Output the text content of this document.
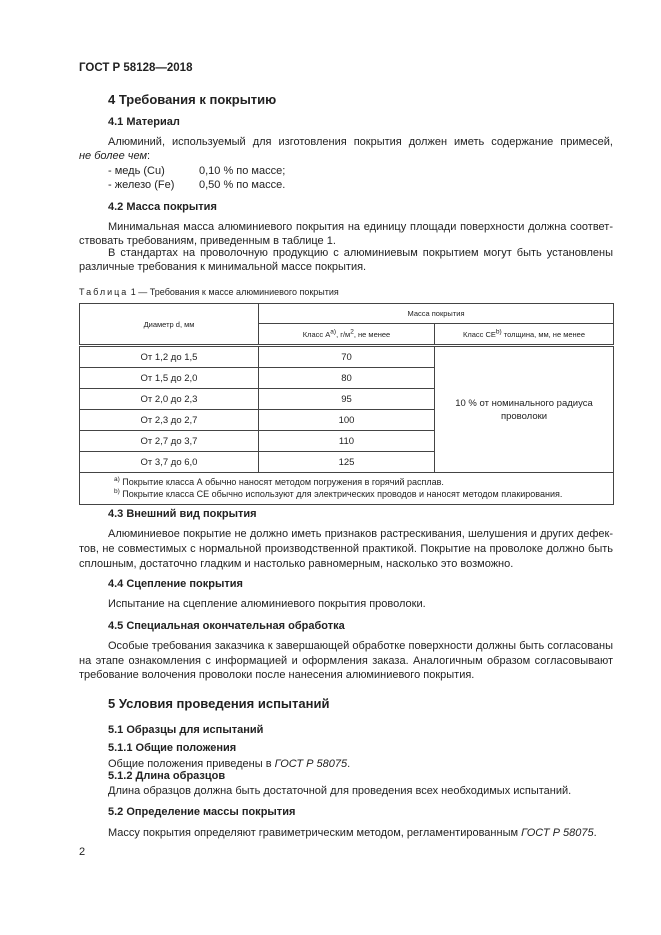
ГОСТ Р 58128—2018
4 Требования к покрытию
4.1 Материал
Алюминий, используемый для изготовления покрытия должен иметь содержание примесей,
не более чем:
- медь (Cu)	0,10 % по массе;
- железо (Fe) 0,50 % по массе.
4.2 Масса покрытия
Минимальная масса алюминиевого покрытия на единицу площади поверхности должна соответ-
ствовать требованиям, приведенным в таблице 1.
В стандартах на проволочную продукцию с алюминиевым покрытием могут быть установлены
различные требования к минимальной массе покрытия.
Таблица 1 — Требования к массе алюминиевого покрытия
Диаметр d, мм	Масса покрытия	
	Класс $А^{a)}$, $г/м^2$, не менее	Класс СЕ$^{b)}$ толщина, мм, не менее
От 1,2 до 1,5	70	10 % от номинального радиуса проволоки
От 1,5 до 2,0	80	
От 2,0 до 2,3	95	
От 2,3 до 2,7	100	
От 2,7 до 3,7	110	
От 3,7 до 6,0	125	

$^{a)}$ Покрытие класса А обычно наносят методом погружения в горячий расплав.
$^{b)}$ Покрытие класса СЕ обычно используют для электрических проводов и наносят методом плакирования.		
4.3 Внешний вид покрытия
Алюминиевое покрытие не должно иметь признаков растрескивания, шелушения и других дефек-
тов, не совместимых с нормальной производственной практикой. Покрытие на проволоке должно быть
сплошным, достаточно гладким и настолько равномерным, насколько это возможно.
4.4 Сцепление покрытия
Испытание на сцепление алюминиевого покрытия проволоки.
4.5 Специальная окончательная обработка
Особые требования заказчика к завершающей обработке поверхности должны быть согласованы
на этапе ознакомления с информацией и оформления заказа. Аналогичным образом согласовывают
требование волочения проволоки после нанесения алюминиевого покрытия.
5 Условия проведения испытаний
5.1 Образцы для испытаний
5.1.1 Общие положения
Общие положения приведены в ГОСТ Р 58075.
5.1.2 Длина образцов
Длина образцов должна быть достаточной для проведения всех необходимых испытаний.
5.2 Определение массы покрытия
Массу покрытия определяют гравиметрическим методом, регламентированным ГОСТ Р 58075.
2
